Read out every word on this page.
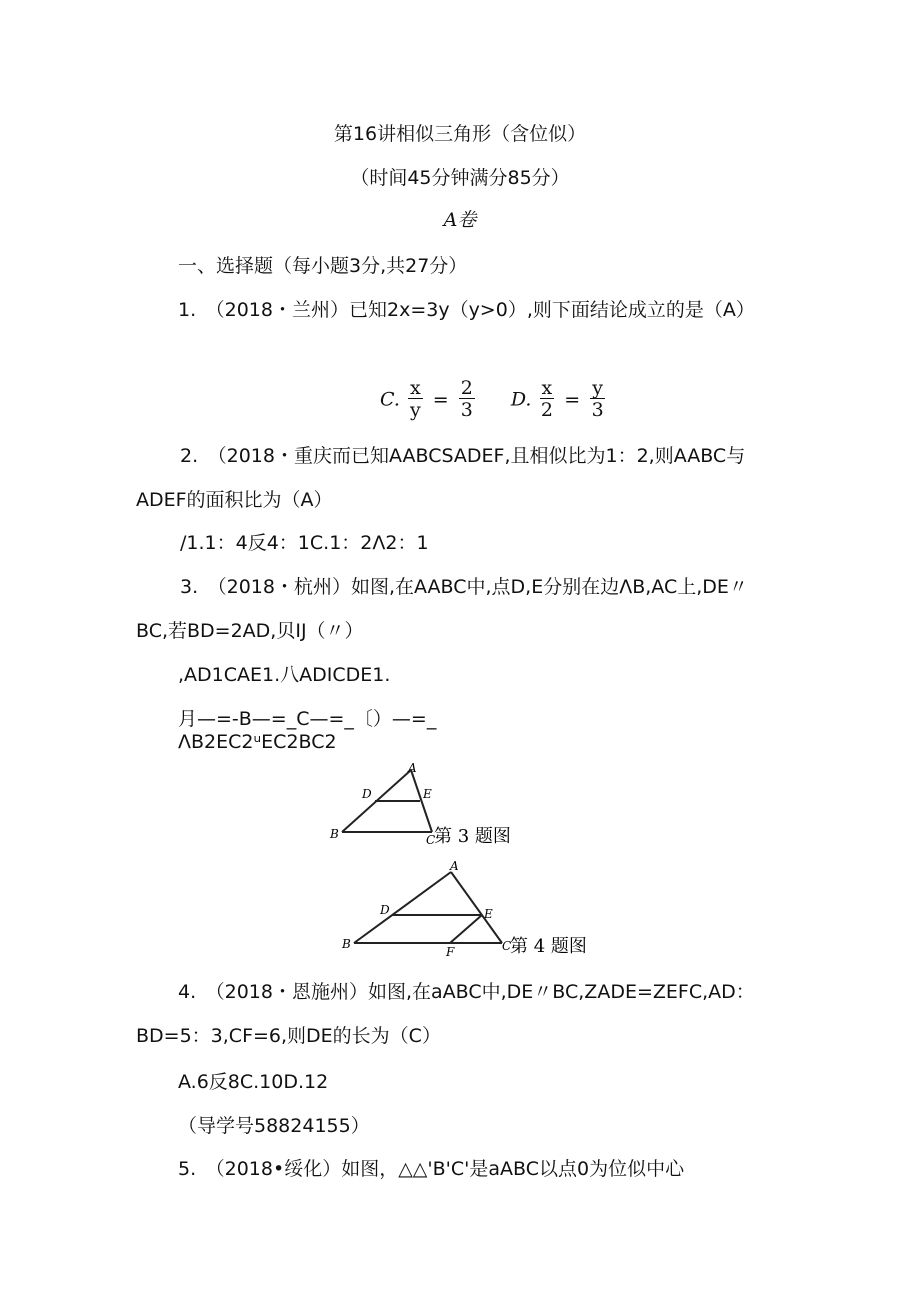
第16讲相似三角形（含位似）
（时间45分钟满分85分）
A卷
一、选择题（每小题3分,共27分）
1.　（2018・兰州）已知2x=3y（y>0）,则下面结论成立的是（A）
C. $\frac{x}{y} = \frac{2}{3} D$. $\frac{x}{2} = \frac{y}{3}$
2.　（2018・重庆而已知AABCSADEF,且相似比为1：2,则AABC与
ADEF的面积比为（A）
/1.1：4反4：1C.1：2Λ2：1
3.　（2018・杭州）如图,在AABC中,点D,E分别在边ΛB,AC上,DE〃
BC,若BD=2AD,贝IJ（〃）
,AD1CAE1.八ADICDE1.
月—=-B—=_C—=_〔）—=_
ΛB2EC2ᵘEC2BC2
A
B	C
D	E
第 3 题图
A
B	C
D	E
F	第 4 题图
4.　（2018・恩施州）如图,在aABC中,DE〃BC,ZADE=ZEFC,AD：
BD=5：3,CF=6,则DE的长为（C）
A.6反8C.10D.12
（导学号58824155）
5.　（2018•绥化）如图，△△'B'C'是aABC以点0为位似中心
